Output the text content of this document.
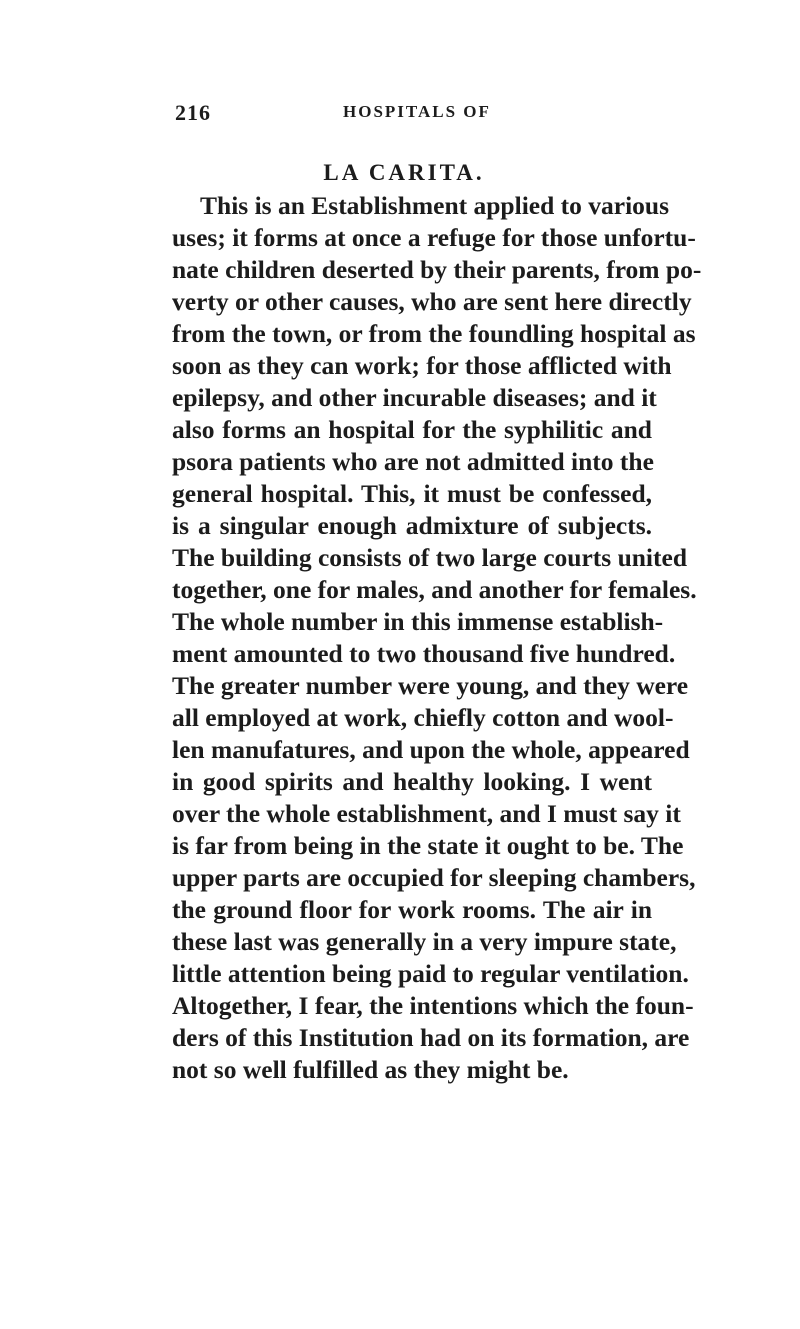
216	HOSPITALS OF
LA CARITA.
This is an Establishment applied to various
uses; it forms at once a refuge for those unfortu-
nate children deserted by their parents, from po-
verty or other causes, who are sent here directly
from the town, or from the foundling hospital as
soon as they can work; for those afflicted with
epilepsy, and other incurable diseases; and it
also forms an hospital for the syphilitic and
psora patients who are not admitted into the
general hospital. This, it must be confessed,
is a singular enough admixture of subjects.
The building consists of two large courts united
together, one for males, and another for females.
The whole number in this immense establish-
ment amounted to two thousand five hundred.
The greater number were young, and they were
all employed at work, chiefly cotton and wool-
len manufatures, and upon the whole, appeared
in good spirits and healthy looking. I went
over the whole establishment, and I must say it
is far from being in the state it ought to be. The
upper parts are occupied for sleeping chambers,
the ground floor for work rooms. The air in
these last was generally in a very impure state,
little attention being paid to regular ventilation.
Altogether, I fear, the intentions which the foun-
ders of this Institution had on its formation, are
not so well fulfilled as they might be.
